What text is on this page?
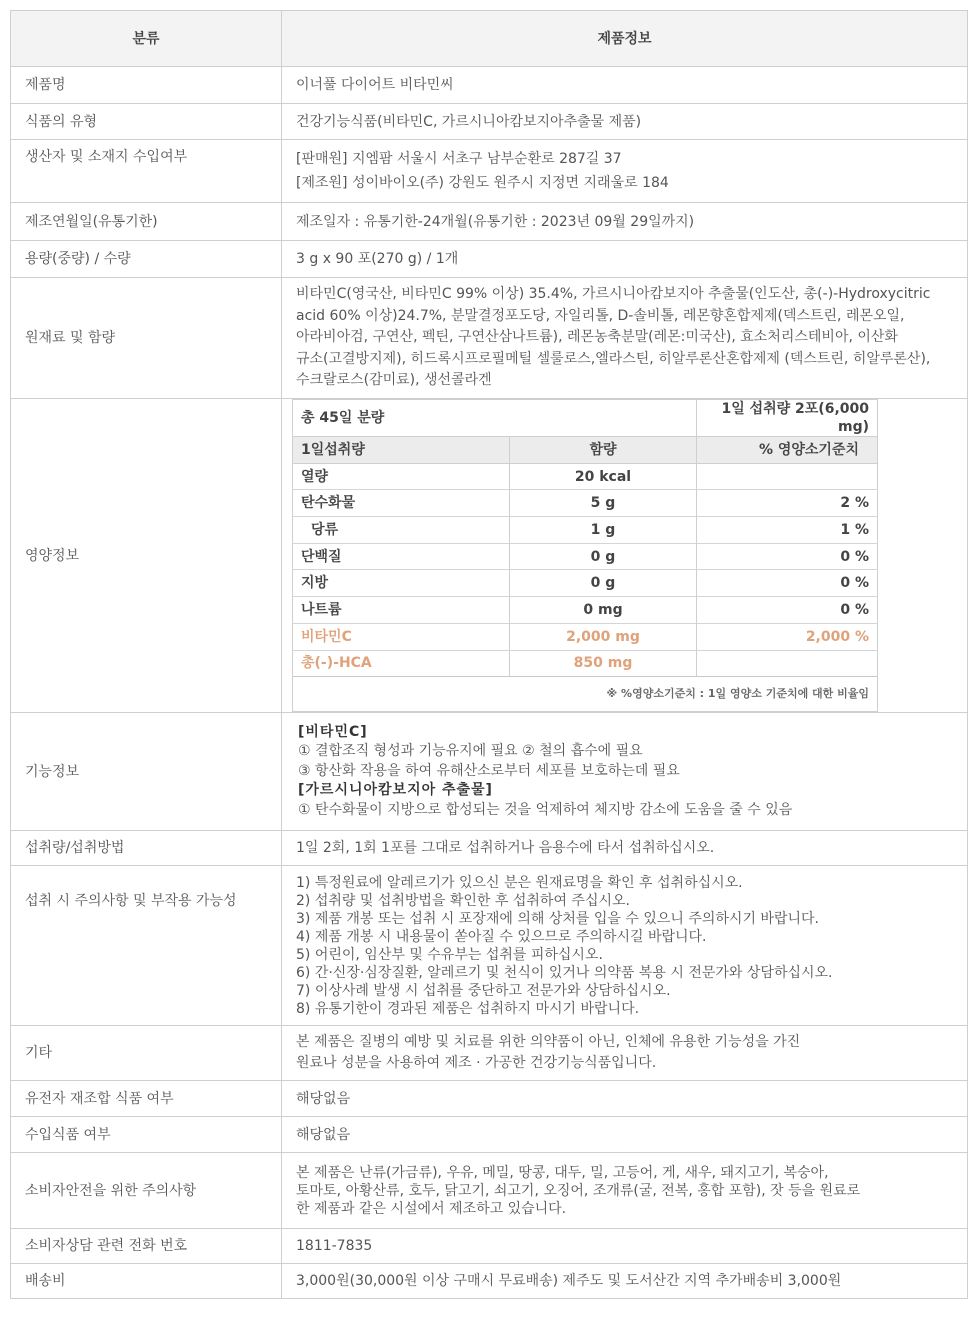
분류	제품정보
제품명	이너풀 다이어트 비타민씨
식품의 유형	건강기능식품(비타민C, 가르시니아캄보지아추출물 제품)
생산자 및 소재지 수입여부	[판매원] 지엠팜 서울시 서초구 남부순환로 287길 37
[제조원] 성이바이오(주) 강원도 원주시 지정면 지래울로 184

제조연월일(유통기한)	제조일자 : 유통기한-24개월(유통기한 : 2023년 09월 29일까지)
용량(중량) / 수량	3 g x 90 포(270 g) / 1개
원재료 및 함량	
비타민C(영국산, 비타민C 99% 이상) 35.4%, 가르시니아캄보지아 추출물(인도산, 총(-)-Hydroxycitric
acid 60% 이상)24.7%, 분말결정포도당, 자일리톨, D-솔비톨, 레몬향혼합제제(덱스트린, 레몬오일,
아라비아검, 구연산, 펙틴, 구연산삼나트륨), 레몬농축분말(레몬:미국산), 효소처리스테비아, 이산화
규소(고결방지제), 히드록시프로필메틸 셀룰로스,엘라스틴, 히알루론산혼합제제 (덱스트린, 히알루론산),
수크랄로스(감미료), 생선콜라겐

영양정보	
총 45일 분량	1일 섭취량 2포(6,000 mg)
1일섭취량	함량	% 영양소기준치
열량	20 kcal	
탄수화물	5 g	2 %
당류	1 g	1 %
단백질	0 g	0 %
지방	0 g	0 %
나트륨	0 mg	0 %
비타민C	2,000 mg	2,000 %
총(-)-HCA	850 mg	
※ %영양소기준치 : 1일 영양소 기준치에 대한 비율임

기능정보	
[비타민C]
① 결합조직 형성과 기능유지에 필요 ② 철의 흡수에 필요
③ 항산화 작용을 하여 유해산소로부터 세포를 보호하는데 필요
[가르시니아캄보지아 추출물]
① 탄수화물이 지방으로 합성되는 것을 억제하여 체지방 감소에 도움을 줄 수 있음

섭취량/섭취방법	1일 2회, 1회 1포를 그대로 섭취하거나 음용수에 타서 섭취하십시오.
섭취 시 주의사항 및 부작용 가능성	
1) 특정원료에 알레르기가 있으신 분은 원재료명을 확인 후 섭취하십시오.
2) 섭취량 및 섭취방법을 확인한 후 섭취하여 주십시오.
3) 제품 개봉 또는 섭취 시 포장재에 의해 상처를 입을 수 있으니 주의하시기 바랍니다.
4) 제품 개봉 시 내용물이 쏟아질 수 있으므로 주의하시길 바랍니다.
5) 어린이, 임산부 및 수유부는 섭취를 피하십시오.
6) 간·신장·심장질환, 알레르기 및 천식이 있거나 의약품 복용 시 전문가와 상담하십시오.
7) 이상사례 발생 시 섭취를 중단하고 전문가와 상담하십시오.
8) 유통기한이 경과된 제품은 섭취하지 마시기 바랍니다.

기타	
본 제품은 질병의 예방 및 치료를 위한 의약품이 아닌, 인체에 유용한 기능성을 가진
원료나 성분을 사용하여 제조 · 가공한 건강기능식품입니다.

유전자 재조합 식품 여부	해당없음
수입식품 여부	해당없음
소비자안전을 위한 주의사항	
본 제품은 난류(가금류), 우유, 메밀, 땅콩, 대두, 밀, 고등어, 게, 새우, 돼지고기, 복숭아,
토마토, 아황산류, 호두, 닭고기, 쇠고기, 오징어, 조개류(굴, 전복, 홍합 포함), 잣 등을 원료로
한 제품과 같은 시설에서 제조하고 있습니다.

소비자상담 관련 전화 번호	1811-7835
배송비	3,000원(30,000원 이상 구매시 무료배송) 제주도 및 도서산간 지역 추가배송비 3,000원
